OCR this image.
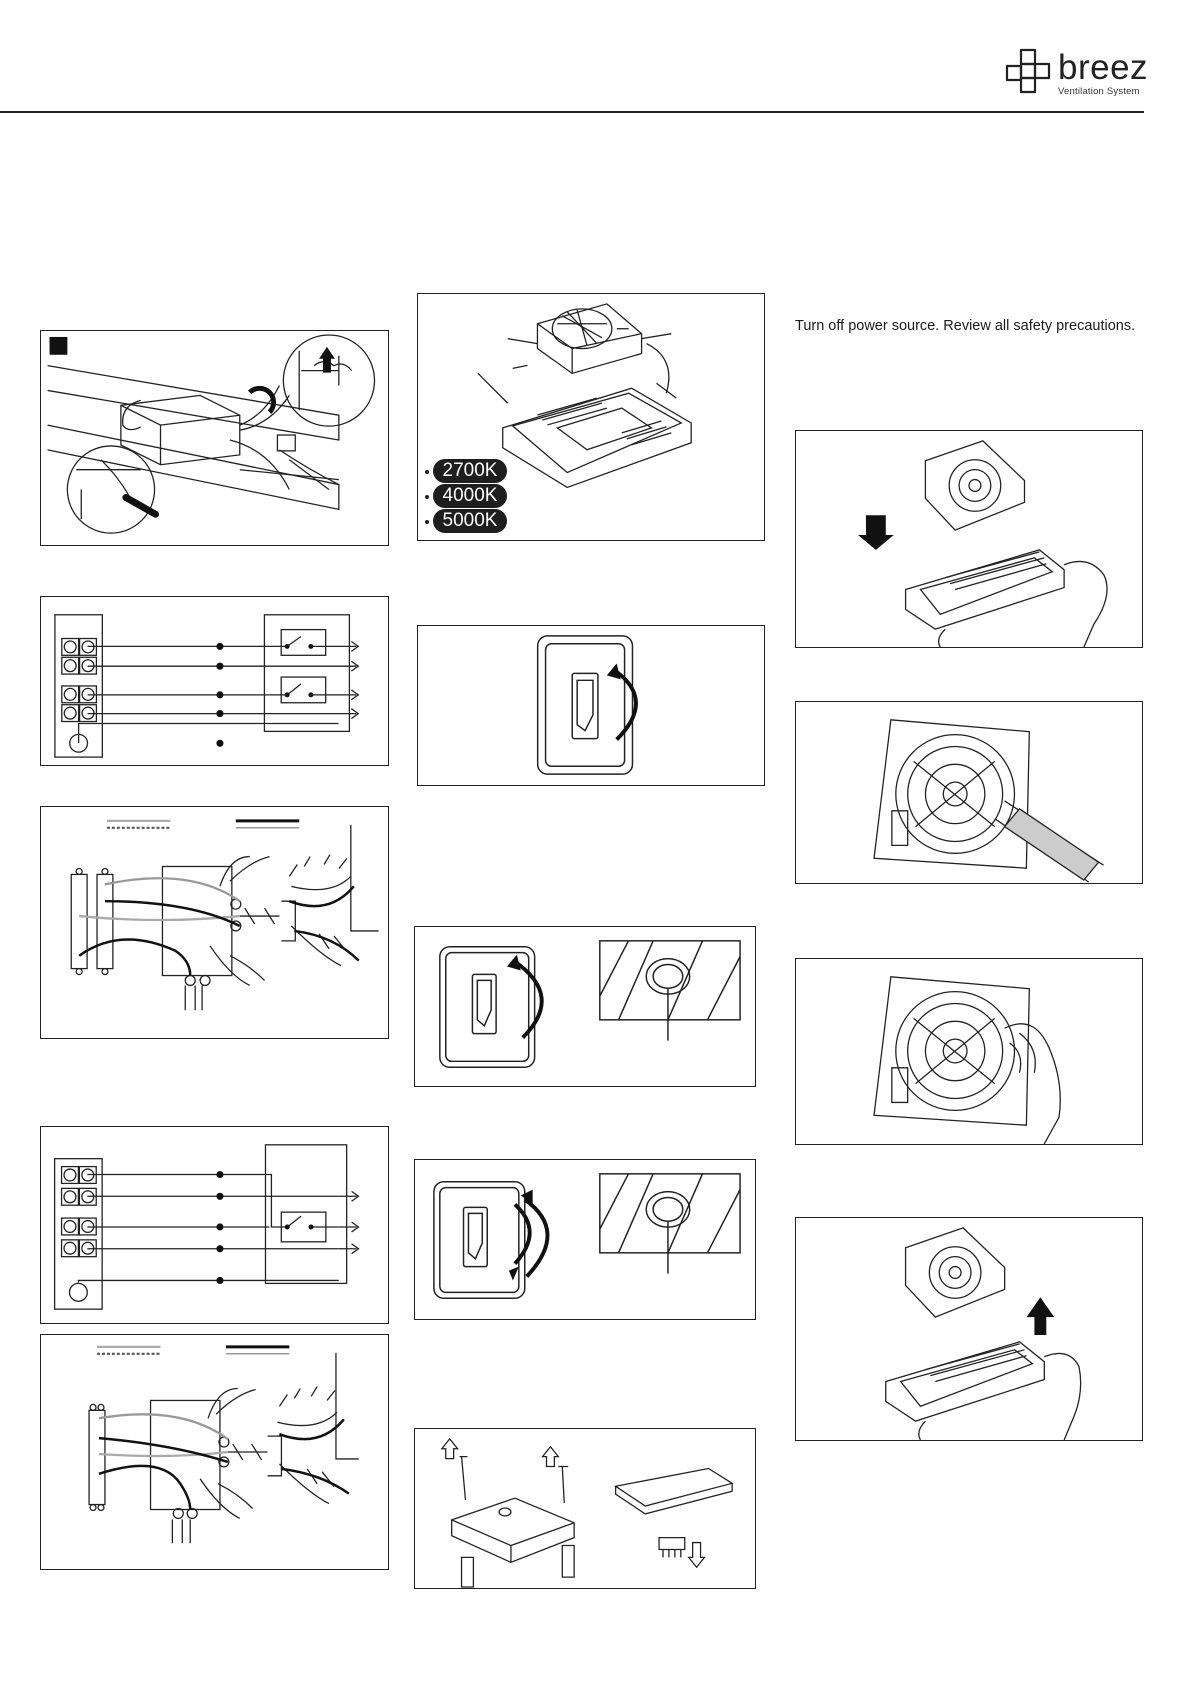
breez
Ventilation System
Turn off power source. Review all safety precautions.
2700K
4000K
5000K
